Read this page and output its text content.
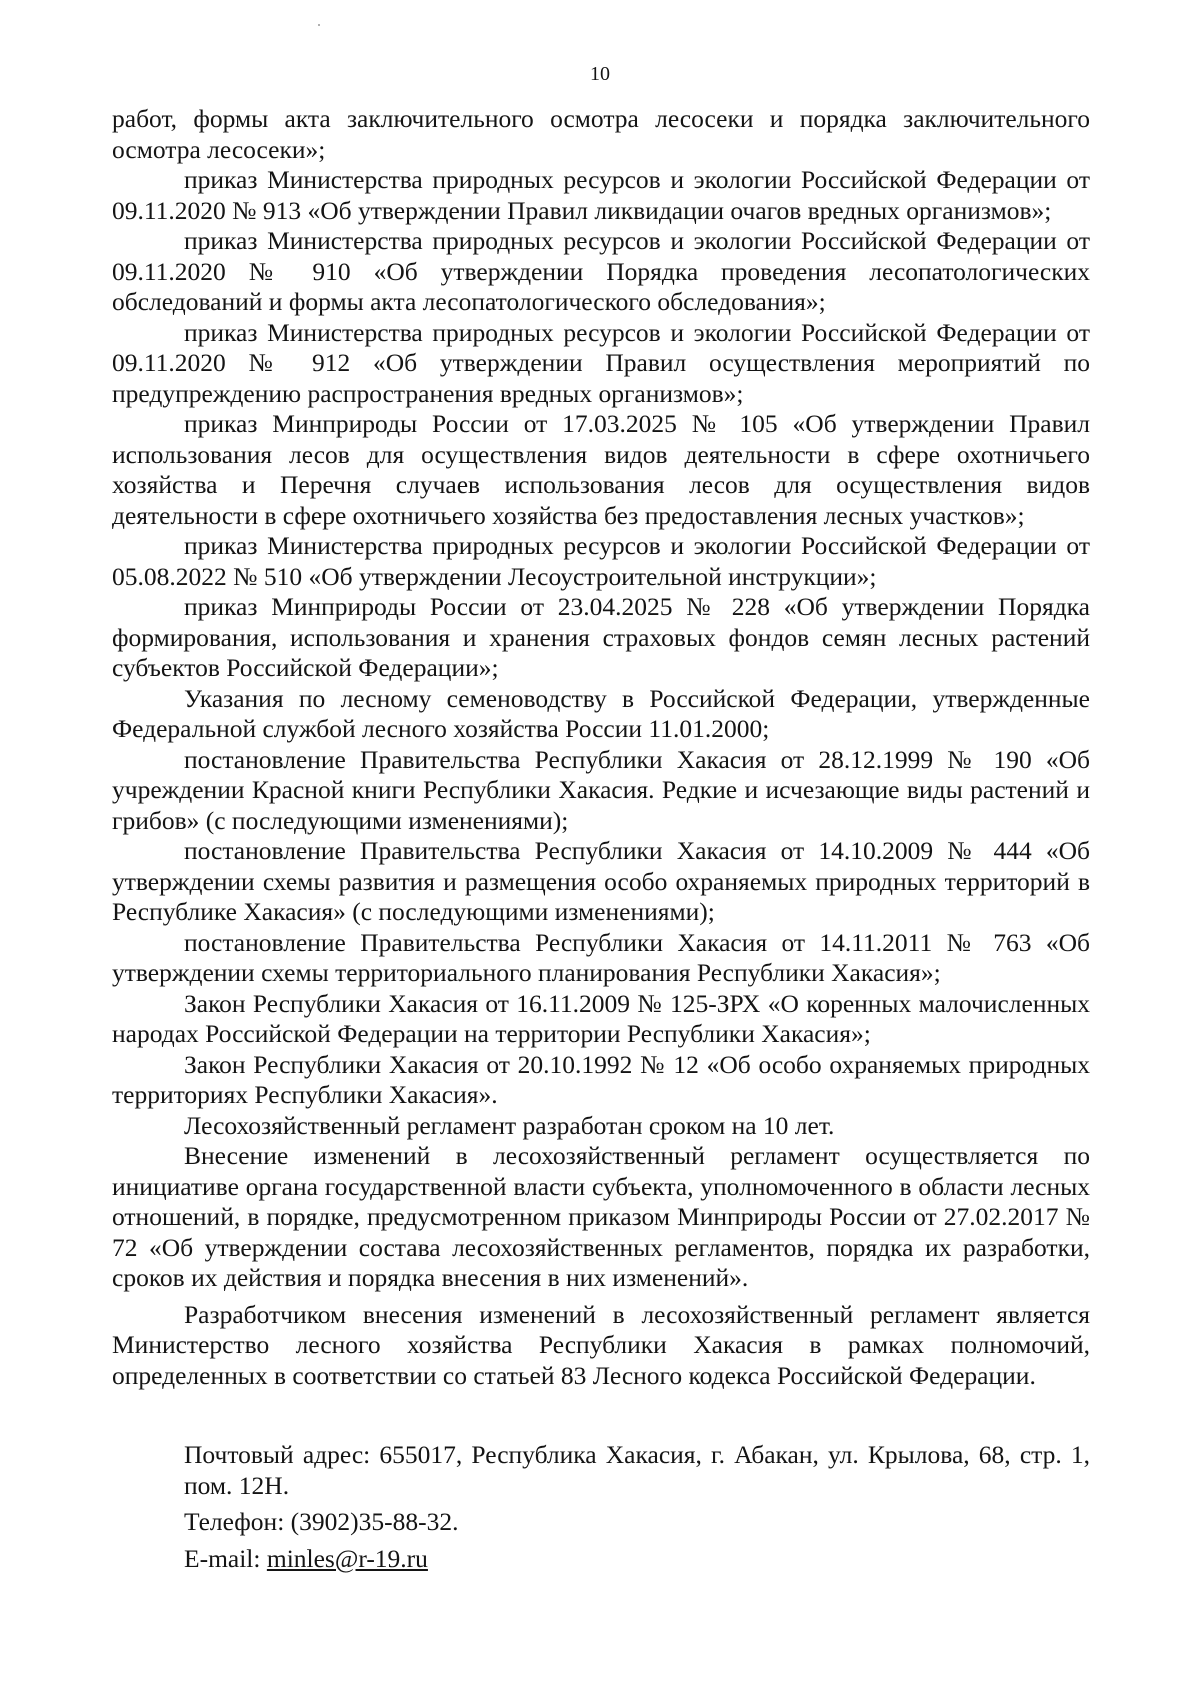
10

работ, формы акта заключительного осмотра лесосеки и порядка заключительного осмотра лесосеки»;

приказ Министерства природных ресурсов и экологии Российской Федерации от 09.11.2020 № 913 «Об утверждении Правил ликвидации очагов вредных организмов»;

приказ Министерства природных ресурсов и экологии Российской Федерации от 09.11.2020 № 910 «Об утверждении Порядка проведения лесопатологических обследований и формы акта лесопатологического обследования»;

приказ Министерства природных ресурсов и экологии Российской Федерации от 09.11.2020 № 912 «Об утверждении Правил осуществления мероприятий по предупреждению распространения вредных организмов»;

приказ Минприроды России от 17.03.2025 № 105 «Об утверждении Правил использования лесов для осуществления видов деятельности в сфере охотничьего хозяйства и Перечня случаев использования лесов для осуществления видов деятельности в сфере охотничьего хозяйства без предоставления лесных участков»;

приказ Министерства природных ресурсов и экологии Российской Федерации от 05.08.2022 № 510 «Об утверждении Лесоустроительной инструкции»;

приказ Минприроды России от 23.04.2025 № 228 «Об утверждении Порядка формирования, использования и хранения страховых фондов семян лесных растений субъектов Российской Федерации»;

Указания по лесному семеноводству в Российской Федерации, утвержденные Федеральной службой лесного хозяйства России 11.01.2000;

постановление Правительства Республики Хакасия от 28.12.1999 № 190 «Об учреждении Красной книги Республики Хакасия. Редкие и исчезающие виды растений и грибов» (с последующими изменениями);

постановление Правительства Республики Хакасия от 14.10.2009 № 444 «Об утверждении схемы развития и размещения особо охраняемых природных территорий в Республике Хакасия» (с последующими изменениями);

постановление Правительства Республики Хакасия от 14.11.2011 № 763 «Об утверждении схемы территориального планирования Республики Хакасия»;

Закон Республики Хакасия от 16.11.2009 № 125-ЗРХ «О коренных малочисленных народах Российской Федерации на территории Республики Хакасия»;

Закон Республики Хакасия от 20.10.1992 № 12 «Об особо охраняемых природных территориях Республики Хакасия».

Лесохозяйственный регламент разработан сроком на 10 лет.

Внесение изменений в лесохозяйственный регламент осуществляется по инициативе органа государственной власти субъекта, уполномоченного в области лесных отношений, в порядке, предусмотренном приказом Минприроды России от 27.02.2017 № 72 «Об утверждении состава лесохозяйственных регламентов, порядка их разработки, сроков их действия и порядка внесения в них изменений».

Разработчиком внесения изменений в лесохозяйственный регламент является Министерство лесного хозяйства Республики Хакасия в рамках полномочий, определенных в соответствии со статьей 83 Лесного кодекса Российской Федерации.

Почтовый адрес: 655017, Республика Хакасия, г. Абакан, ул. Крылова, 68, стр. 1, пом. 12Н.

Телефон: (3902)35-88-32.

E-mail: minles@r-19.ru
